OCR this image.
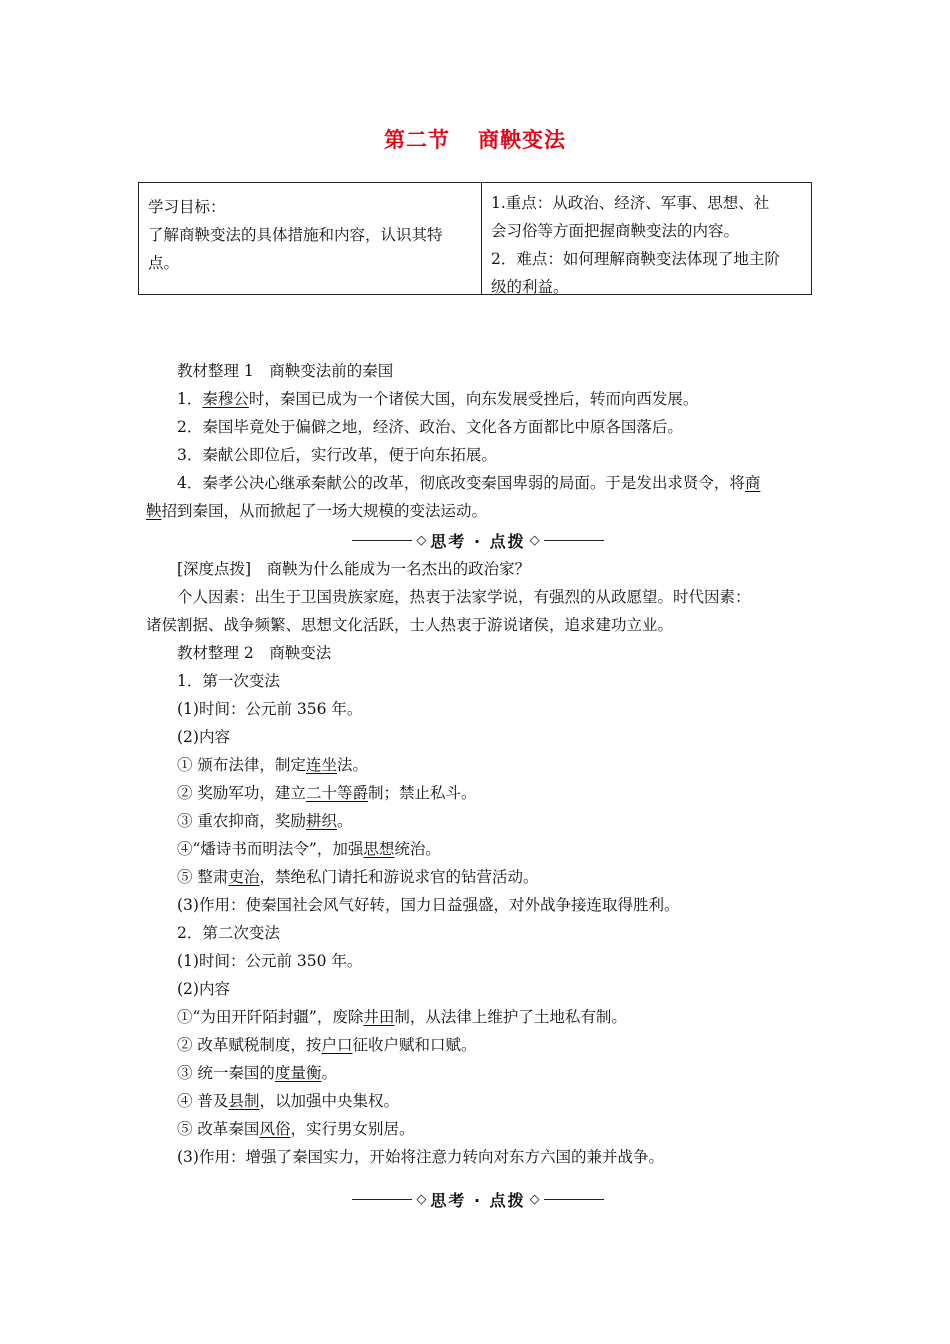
第二节 商鞅变法
学习目标：
了解商鞅变法的具体措施和内容，认识其特
点。
1.重点：从政治、经济、军事、思想、社
会习俗等方面把握商鞅变法的内容。
2．难点：如何理解商鞅变法体现了地主阶
级的利益。
教材整理 1　商鞅变法前的秦国
1．秦穆公时，秦国已成为一个诸侯大国，向东发展受挫后，转而向西发展。
2．秦国毕竟处于偏僻之地，经济、政治、文化各方面都比中原各国落后。
3．秦献公即位后，实行改革，便于向东拓展。
4．秦孝公决心继承秦献公的改革，彻底改变秦国卑弱的局面。于是发出求贤令，将商
鞅招到秦国，从而掀起了一场大规模的变法运动。
◇ 思考 · 点拨 ◇
[深度点拨]　商鞅为什么能成为一名杰出的政治家？
个人因素：出生于卫国贵族家庭，热衷于法家学说，有强烈的从政愿望。时代因素：
诸侯割据、战争频繁、思想文化活跃，士人热衷于游说诸侯，追求建功立业。
教材整理 2　商鞅变法
1．第一次变法
(1)时间：公元前 356 年。
(2)内容
① 颁布法律，制定连坐法。
② 奖励军功，建立二十等爵制；禁止私斗。
③ 重农抑商，奖励耕织。
④“燔诗书而明法令”，加强思想统治。
⑤ 整肃吏治，禁绝私门请托和游说求官的钻营活动。
(3)作用：使秦国社会风气好转，国力日益强盛，对外战争接连取得胜利。
2．第二次变法
(1)时间：公元前 350 年。
(2)内容
①“为田开阡陌封疆”，废除井田制，从法律上维护了土地私有制。
② 改革赋税制度，按户口征收户赋和口赋。
③ 统一秦国的度量衡。
④ 普及县制，以加强中央集权。
⑤ 改革秦国风俗，实行男女别居。
(3)作用：增强了秦国实力，开始将注意力转向对东方六国的兼并战争。
◇ 思考 · 点拨 ◇
